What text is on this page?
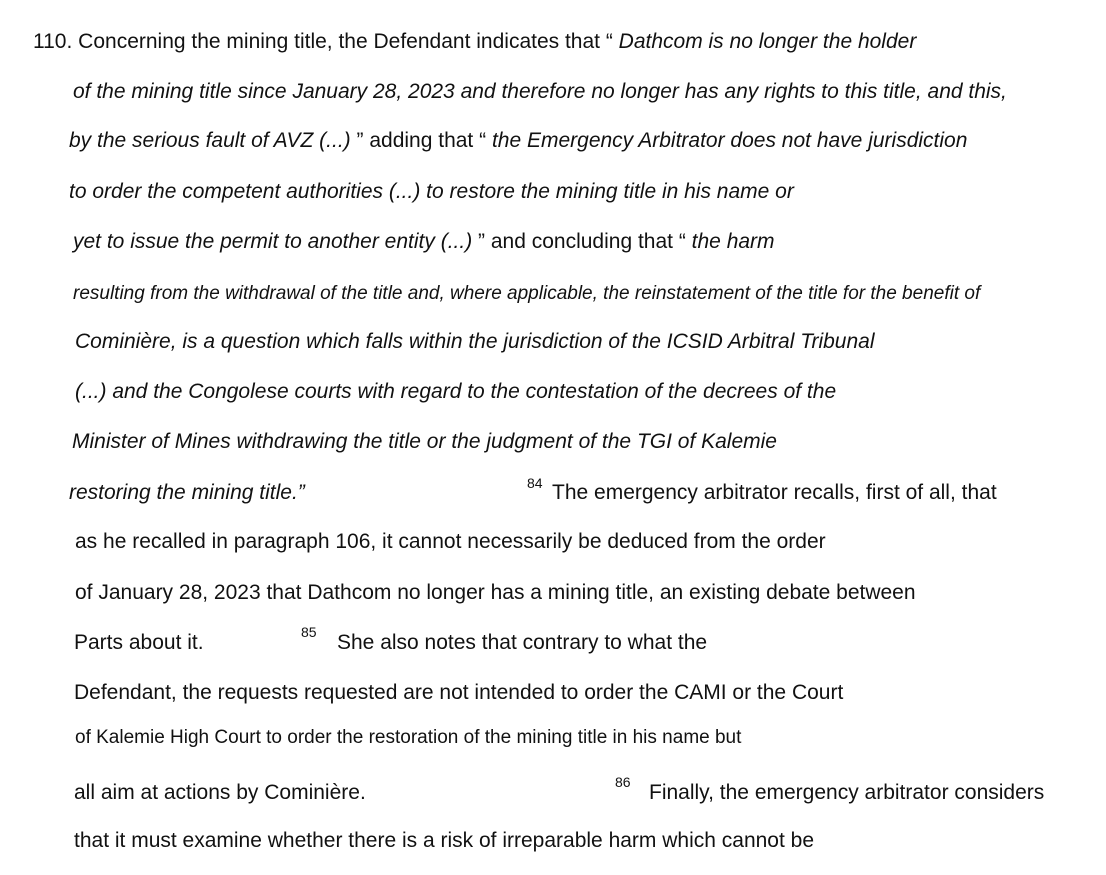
110. Concerning the mining title, the Defendant indicates that “ Dathcom is no longer the holder
of the mining title since January 28, 2023 and therefore no longer has any rights to this title, and this,
by the serious fault of AVZ (...) ” adding that “ the Emergency Arbitrator does not have jurisdiction
to order the competent authorities (...) to restore the mining title in his name or
yet to issue the permit to another entity (...) ” and concluding that “ the harm
resulting from the withdrawal of the title and, where applicable, the reinstatement of the title for the benefit of
Cominière, is a question which falls within the jurisdiction of the ICSID Arbitral Tribunal
(...) and the Congolese courts with regard to the contestation of the decrees of the
Minister of Mines withdrawing the title or the judgment of the TGI of Kalemie
restoring the mining title.”	84 The emergency arbitrator recalls, first of all, that
as he recalled in paragraph 106, it cannot necessarily be deduced from the order
of January 28, 2023 that Dathcom no longer has a mining title, an existing debate between
Parts about it.	85 She also notes that contrary to what the
Defendant, the requests requested are not intended to order the CAMI or the Court
of Kalemie High Court to order the restoration of the mining title in his name but
all aim at actions by Cominière.	86 Finally, the emergency arbitrator considers
that it must examine whether there is a risk of irreparable harm which cannot be
